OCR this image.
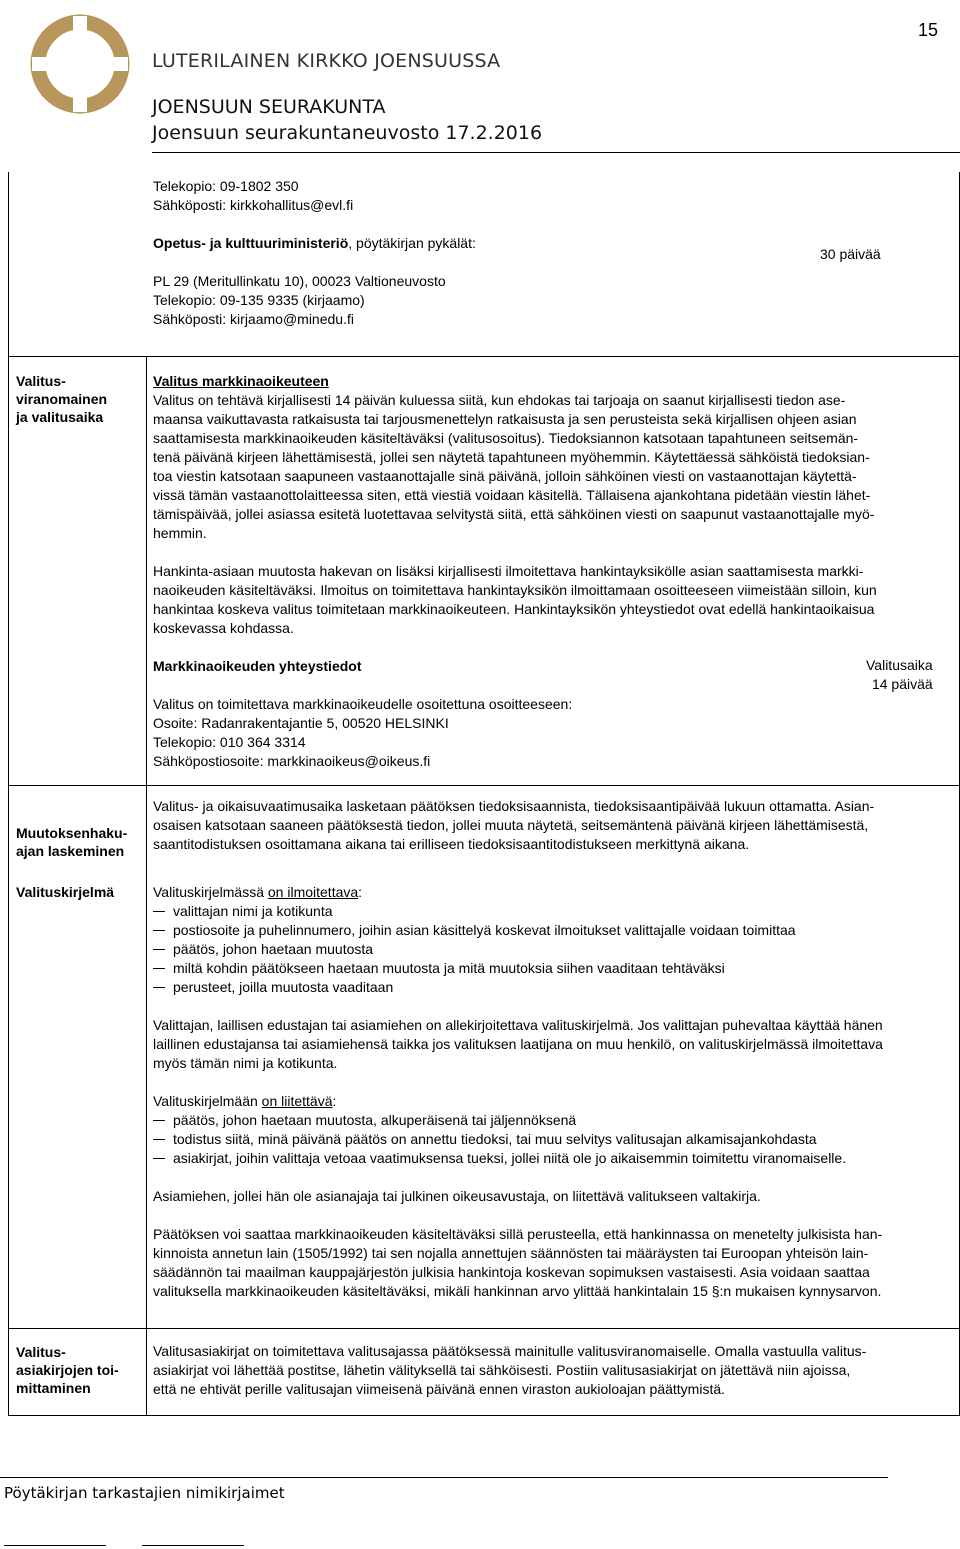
LUTERILAINEN KIRKKO JOENSUUSSA
JOENSUUN SEURAKUNTA
Joensuun seurakuntaneuvosto 17.2.2016
15
Telekopio: 09-1802 350
Sähköposti: kirkkohallitus@evl.fi
Opetus- ja kulttuuriministeriö, pöytäkirjan pykälät:
PL 29 (Meritullinkatu 10), 00023 Valtioneuvosto
Telekopio: 09-135 9335 (kirjaamo)
Sähköposti: kirjaamo@minedu.fi
30 päivää
Valitus-
viranomainen
ja valitusaika
Valitus markkinaoikeuteen
Valitus on tehtävä kirjallisesti 14 päivän kuluessa siitä, kun ehdokas tai tarjoaja on saanut kirjallisesti tiedon ase-
maansa vaikuttavasta ratkaisusta tai tarjousmenettelyn ratkaisusta ja sen perusteista sekä kirjallisen ohjeen asian
saattamisesta markkinaoikeuden käsiteltäväksi (valitusosoitus). Tiedoksiannon katsotaan tapahtuneen seitsemän-
tenä päivänä kirjeen lähettämisestä, jollei sen näytetä tapahtuneen myöhemmin. Käytettäessä sähköistä tiedoksian-
toa viestin katsotaan saapuneen vastaanottajalle sinä päivänä, jolloin sähköinen viesti on vastaanottajan käytettä-
vissä tämän vastaanottolaitteessa siten, että viestiä voidaan käsitellä. Tällaisena ajankohtana pidetään viestin lähet-
tämispäivää, jollei asiassa esitetä luotettavaa selvitystä siitä, että sähköinen viesti on saapunut vastaanottajalle myö-
hemmin.
Hankinta-asiaan muutosta hakevan on lisäksi kirjallisesti ilmoitettava hankintayksikölle asian saattamisesta markki-
naoikeuden käsiteltäväksi. Ilmoitus on toimitettava hankintayksikön ilmoittamaan osoitteeseen viimeistään silloin, kun
hankintaa koskeva valitus toimitetaan markkinaoikeuteen. Hankintayksikön yhteystiedot ovat edellä hankintaoikaisua
koskevassa kohdassa.
Markkinaoikeuden yhteystiedot
Valitus on toimitettava markkinaoikeudelle osoitettuna osoitteeseen:
Osoite: Radanrakentajantie 5, 00520 HELSINKI
Telekopio: 010 364 3314
Sähköpostiosoite: markkinaoikeus@oikeus.fi
Valitusaika
14 päivää
Muutoksenhaku-
ajan laskeminen
Valitus- ja oikaisuvaatimusaika lasketaan päätöksen tiedoksisaannista, tiedoksisaantipäivää lukuun ottamatta. Asian-
osaisen katsotaan saaneen päätöksestä tiedon, jollei muuta näytetä, seitsemäntenä päivänä kirjeen lähettämisestä,
saantitodistuksen osoittamana aikana tai erilliseen tiedoksisaantitodistukseen merkittynä aikana.
Valituskirjelmä	Valituskirjelmässä on ilmoitettava:
valittajan nimi ja kotikunta
postiosoite ja puhelinnumero, joihin asian käsittelyä koskevat ilmoitukset valittajalle voidaan toimittaa
päätös, johon haetaan muutosta
miltä kohdin päätökseen haetaan muutosta ja mitä muutoksia siihen vaaditaan tehtäväksi
perusteet, joilla muutosta vaaditaan
Valittajan, laillisen edustajan tai asiamiehen on allekirjoitettava valituskirjelmä. Jos valittajan puhevaltaa käyttää hänen
laillinen edustajansa tai asiamiehensä taikka jos valituksen laatijana on muu henkilö, on valituskirjelmässä ilmoitettava
myös tämän nimi ja kotikunta.
Valituskirjelmään on liitettävä:
päätös, johon haetaan muutosta, alkuperäisenä tai jäljennöksenä
todistus siitä, minä päivänä päätös on annettu tiedoksi, tai muu selvitys valitusajan alkamisajankohdasta
asiakirjat, joihin valittaja vetoaa vaatimuksensa tueksi, jollei niitä ole jo aikaisemmin toimitettu viranomaiselle.
Asiamiehen, jollei hän ole asianajaja tai julkinen oikeusavustaja, on liitettävä valitukseen valtakirja.
Päätöksen voi saattaa markkinaoikeuden käsiteltäväksi sillä perusteella, että hankinnassa on menetelty julkisista han-
kinnoista annetun lain (1505/1992) tai sen nojalla annettujen säännösten tai määräysten tai Euroopan yhteisön lain-
säädännön tai maailman kauppajärjestön julkisia hankintoja koskevan sopimuksen vastaisesti. Asia voidaan saattaa
valituksella markkinaoikeuden käsiteltäväksi, mikäli hankinnan arvo ylittää hankintalain 15 §:n mukaisen kynnysarvon.
Valitus-
asiakirjojen toi-
mittaminen
Valitusasiakirjat on toimitettava valitusajassa päätöksessä mainitulle valitusviranomaiselle. Omalla vastuulla valitus-
asiakirjat voi lähettää postitse, lähetin välityksellä tai sähköisesti. Postiin valitusasiakirjat on jätettävä niin ajoissa,
että ne ehtivät perille valitusajan viimeisenä päivänä ennen viraston aukioloajan päättymistä.
Pöytäkirjan tarkastajien nimikirjaimet
